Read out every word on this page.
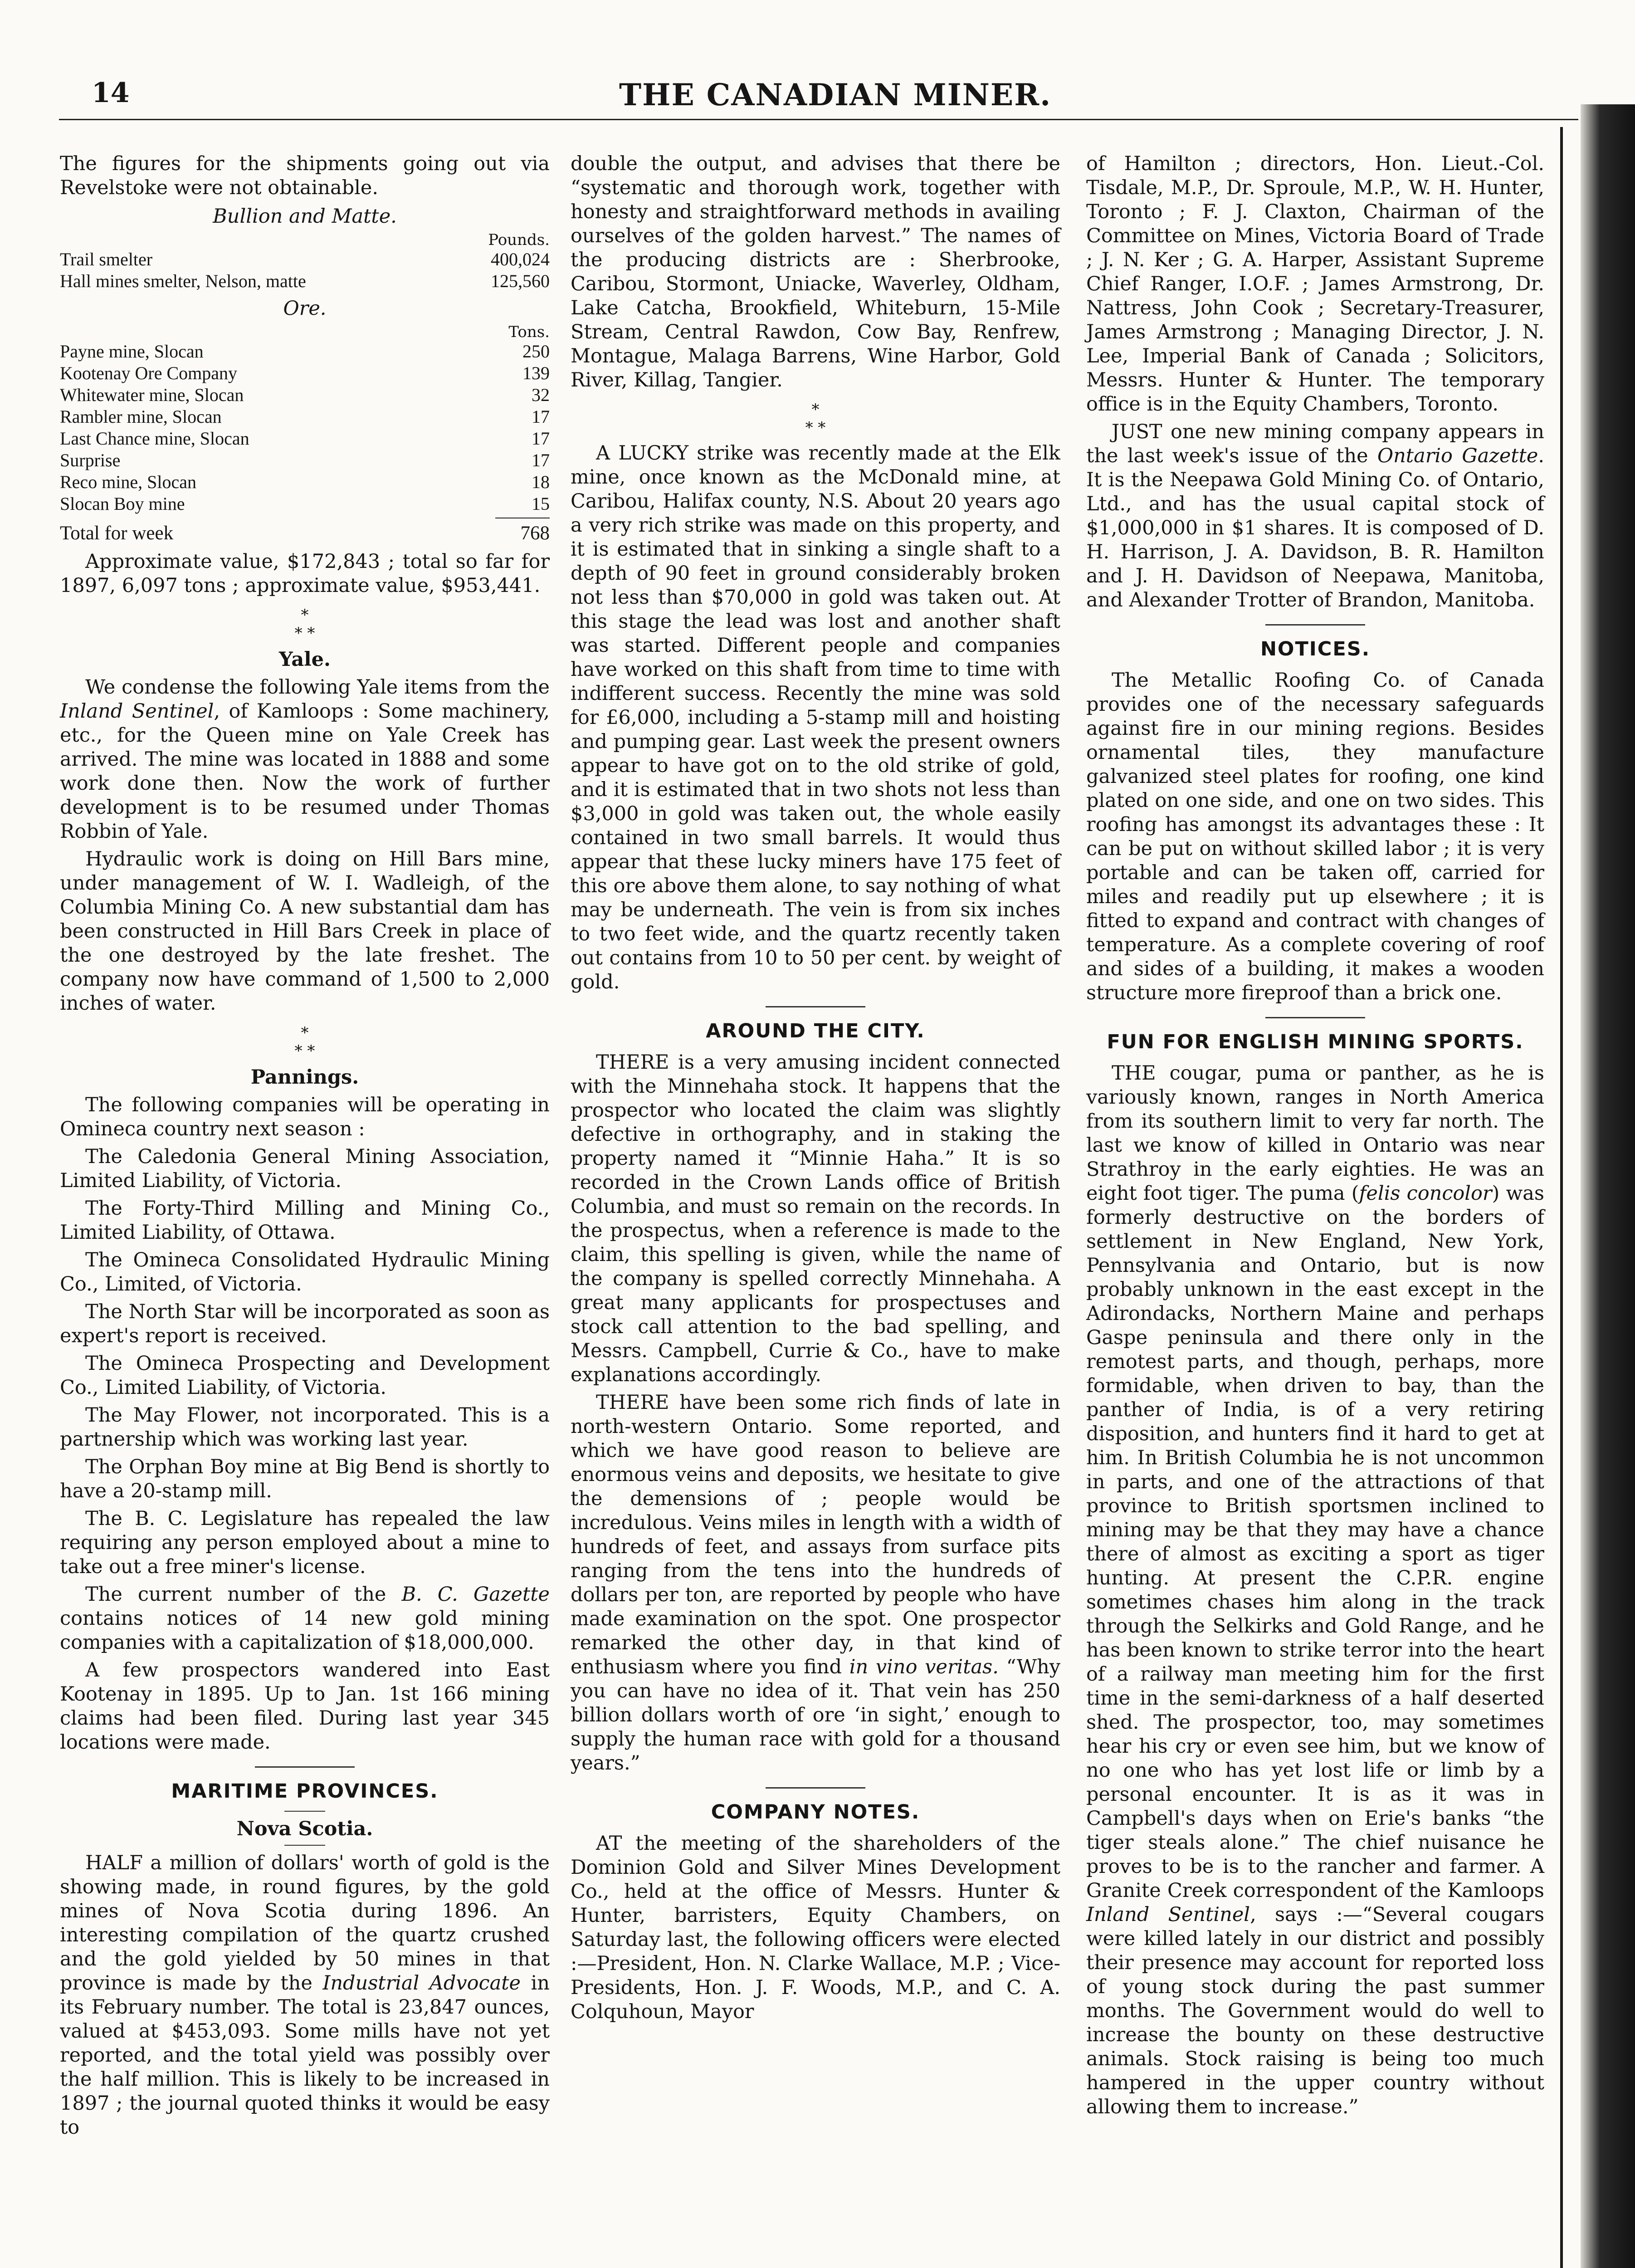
14	THE CANADIAN MINER.

The figures for the shipments going out via Revelstoke were not obtainable.

Bullion and Matte.
Pounds.
Trail smelter	400,024
Hall mines smelter, Nelson, matte	125,560
Ore.
Tons.
Payne mine, Slocan	250
Kootenay Ore Company	139
Whitewater mine, Slocan	32
Rambler mine, Slocan	17
Last Chance mine, Slocan	17
Surprise	17
Reco mine, Slocan	18
Slocan Boy mine	15
Total for week	768

Approximate value, $172,843 ; total so far for 1897, 6,097 tons ; approximate value, $953,441.

*
* *
Yale.

We condense the following Yale items from the Inland Sentinel, of Kamloops : Some machinery, etc., for the Queen mine on Yale Creek has arrived. The mine was located in 1888 and some work done then. Now the work of further development is to be resumed under Thomas Robbin of Yale.

Hydraulic work is doing on Hill Bars mine, under management of W. I. Wadleigh, of the Columbia Mining Co. A new substantial dam has been constructed in Hill Bars Creek in place of the one destroyed by the late freshet. The company now have command of 1,500 to 2,000 inches of water.

*
* *
Pannings.

The following companies will be operating in Omineca country next season :

The Caledonia General Mining Association, Limited Liability, of Victoria.

The Forty-Third Milling and Mining Co., Limited Liability, of Ottawa.

The Omineca Consolidated Hydraulic Mining Co., Limited, of Victoria.

The North Star will be incorporated as soon as expert's report is received.

The Omineca Prospecting and Development Co., Limited Liability, of Victoria.

The May Flower, not incorporated. This is a partnership which was working last year.

The Orphan Boy mine at Big Bend is shortly to have a 20-stamp mill.

The B. C. Legislature has repealed the law requiring any person employed about a mine to take out a free miner's license.

The current number of the B. C. Gazette contains notices of 14 new gold mining companies with a capitalization of $18,000,000.

A few prospectors wandered into East Kootenay in 1895. Up to Jan. 1st 166 mining claims had been filed. During last year 345 locations were made.

MARITIME PROVINCES.
Nova Scotia.

HALF a million of dollars' worth of gold is the showing made, in round figures, by the gold mines of Nova Scotia during 1896. An interesting compilation of the quartz crushed and the gold yielded by 50 mines in that province is made by the Industrial Advocate in its February number. The total is 23,847 ounces, valued at $453,093. Some mills have not yet reported, and the total yield was possibly over the half million. This is likely to be increased in 1897 ; the journal quoted thinks it would be easy to

double the output, and advises that there be “systematic and thorough work, together with honesty and straightforward methods in availing ourselves of the golden harvest.” The names of the producing districts are : Sherbrooke, Caribou, Stormont, Uniacke, Waverley, Oldham, Lake Catcha, Brookfield, Whiteburn, 15-Mile Stream, Central Rawdon, Cow Bay, Renfrew, Montague, Malaga Barrens, Wine Harbor, Gold River, Killag, Tangier.

*
* *

A LUCKY strike was recently made at the Elk mine, once known as the McDonald mine, at Caribou, Halifax county, N.S. About 20 years ago a very rich strike was made on this property, and it is estimated that in sinking a single shaft to a depth of 90 feet in ground considerably broken not less than $70,000 in gold was taken out. At this stage the lead was lost and another shaft was started. Different people and companies have worked on this shaft from time to time with indifferent success. Recently the mine was sold for £6,000, including a 5-stamp mill and hoisting and pumping gear. Last week the present owners appear to have got on to the old strike of gold, and it is estimated that in two shots not less than $3,000 in gold was taken out, the whole easily contained in two small barrels. It would thus appear that these lucky miners have 175 feet of this ore above them alone, to say nothing of what may be underneath. The vein is from six inches to two feet wide, and the quartz recently taken out contains from 10 to 50 per cent. by weight of gold.

AROUND THE CITY.

THERE is a very amusing incident connected with the Minnehaha stock. It happens that the prospector who located the claim was slightly defective in orthography, and in staking the property named it “Minnie Haha.” It is so recorded in the Crown Lands office of British Columbia, and must so remain on the records. In the prospectus, when a reference is made to the claim, this spelling is given, while the name of the company is spelled correctly Minnehaha. A great many applicants for prospectuses and stock call attention to the bad spelling, and Messrs. Campbell, Currie & Co., have to make explanations accordingly.

THERE have been some rich finds of late in north-western Ontario. Some reported, and which we have good reason to believe are enormous veins and deposits, we hesitate to give the demensions of ; people would be incredulous. Veins miles in length with a width of hundreds of feet, and assays from surface pits ranging from the tens into the hundreds of dollars per ton, are reported by people who have made examination on the spot. One prospector remarked the other day, in that kind of enthusiasm where you find in vino veritas. “Why you can have no idea of it. That vein has 250 billion dollars worth of ore ‘in sight,’ enough to supply the human race with gold for a thousand years.”

COMPANY NOTES.

AT the meeting of the shareholders of the Dominion Gold and Silver Mines Development Co., held at the office of Messrs. Hunter & Hunter, barristers, Equity Chambers, on Saturday last, the following officers were elected :—President, Hon. N. Clarke Wallace, M.P. ; Vice-Presidents, Hon. J. F. Woods, M.P., and C. A. Colquhoun, Mayor

of Hamilton ; directors, Hon. Lieut.-Col. Tisdale, M.P., Dr. Sproule, M.P., W. H. Hunter, Toronto ; F. J. Claxton, Chairman of the Committee on Mines, Victoria Board of Trade ; J. N. Ker ; G. A. Harper, Assistant Supreme Chief Ranger, I.O.F. ; James Armstrong, Dr. Nattress, John Cook ; Secretary-Treasurer, James Armstrong ; Managing Director, J. N. Lee, Imperial Bank of Canada ; Solicitors, Messrs. Hunter & Hunter. The temporary office is in the Equity Chambers, Toronto.

JUST one new mining company appears in the last week's issue of the Ontario Gazette. It is the Neepawa Gold Mining Co. of Ontario, Ltd., and has the usual capital stock of $1,000,000 in $1 shares. It is composed of D. H. Harrison, J. A. Davidson, B. R. Hamilton and J. H. Davidson of Neepawa, Manitoba, and Alexander Trotter of Brandon, Manitoba.

NOTICES.

The Metallic Roofing Co. of Canada provides one of the necessary safeguards against fire in our mining regions. Besides ornamental tiles, they manufacture galvanized steel plates for roofing, one kind plated on one side, and one on two sides. This roofing has amongst its advantages these : It can be put on without skilled labor ; it is very portable and can be taken off, carried for miles and readily put up elsewhere ; it is fitted to expand and contract with changes of temperature. As a complete covering of roof and sides of a building, it makes a wooden structure more fireproof than a brick one.

FUN FOR ENGLISH MINING SPORTS.

THE cougar, puma or panther, as he is variously known, ranges in North America from its southern limit to very far north. The last we know of killed in Ontario was near Strathroy in the early eighties. He was an eight foot tiger. The puma (felis concolor) was formerly destructive on the borders of settlement in New England, New York, Pennsylvania and Ontario, but is now probably unknown in the east except in the Adirondacks, Northern Maine and perhaps Gaspe peninsula and there only in the remotest parts, and though, perhaps, more formidable, when driven to bay, than the panther of India, is of a very retiring disposition, and hunters find it hard to get at him. In British Columbia he is not uncommon in parts, and one of the attractions of that province to British sportsmen inclined to mining may be that they may have a chance there of almost as exciting a sport as tiger hunting. At present the C.P.R. engine sometimes chases him along in the track through the Selkirks and Gold Range, and he has been known to strike terror into the heart of a railway man meeting him for the first time in the semi-darkness of a half deserted shed. The prospector, too, may sometimes hear his cry or even see him, but we know of no one who has yet lost life or limb by a personal encounter. It is as it was in Campbell's days when on Erie's banks “the tiger steals alone.” The chief nuisance he proves to be is to the rancher and farmer. A Granite Creek correspondent of the Kamloops Inland Sentinel, says :—“Several cougars were killed lately in our district and possibly their presence may account for reported loss of young stock during the past summer months. The Government would do well to increase the bounty on these destructive animals. Stock raising is being too much hampered in the upper country without allowing them to increase.”
